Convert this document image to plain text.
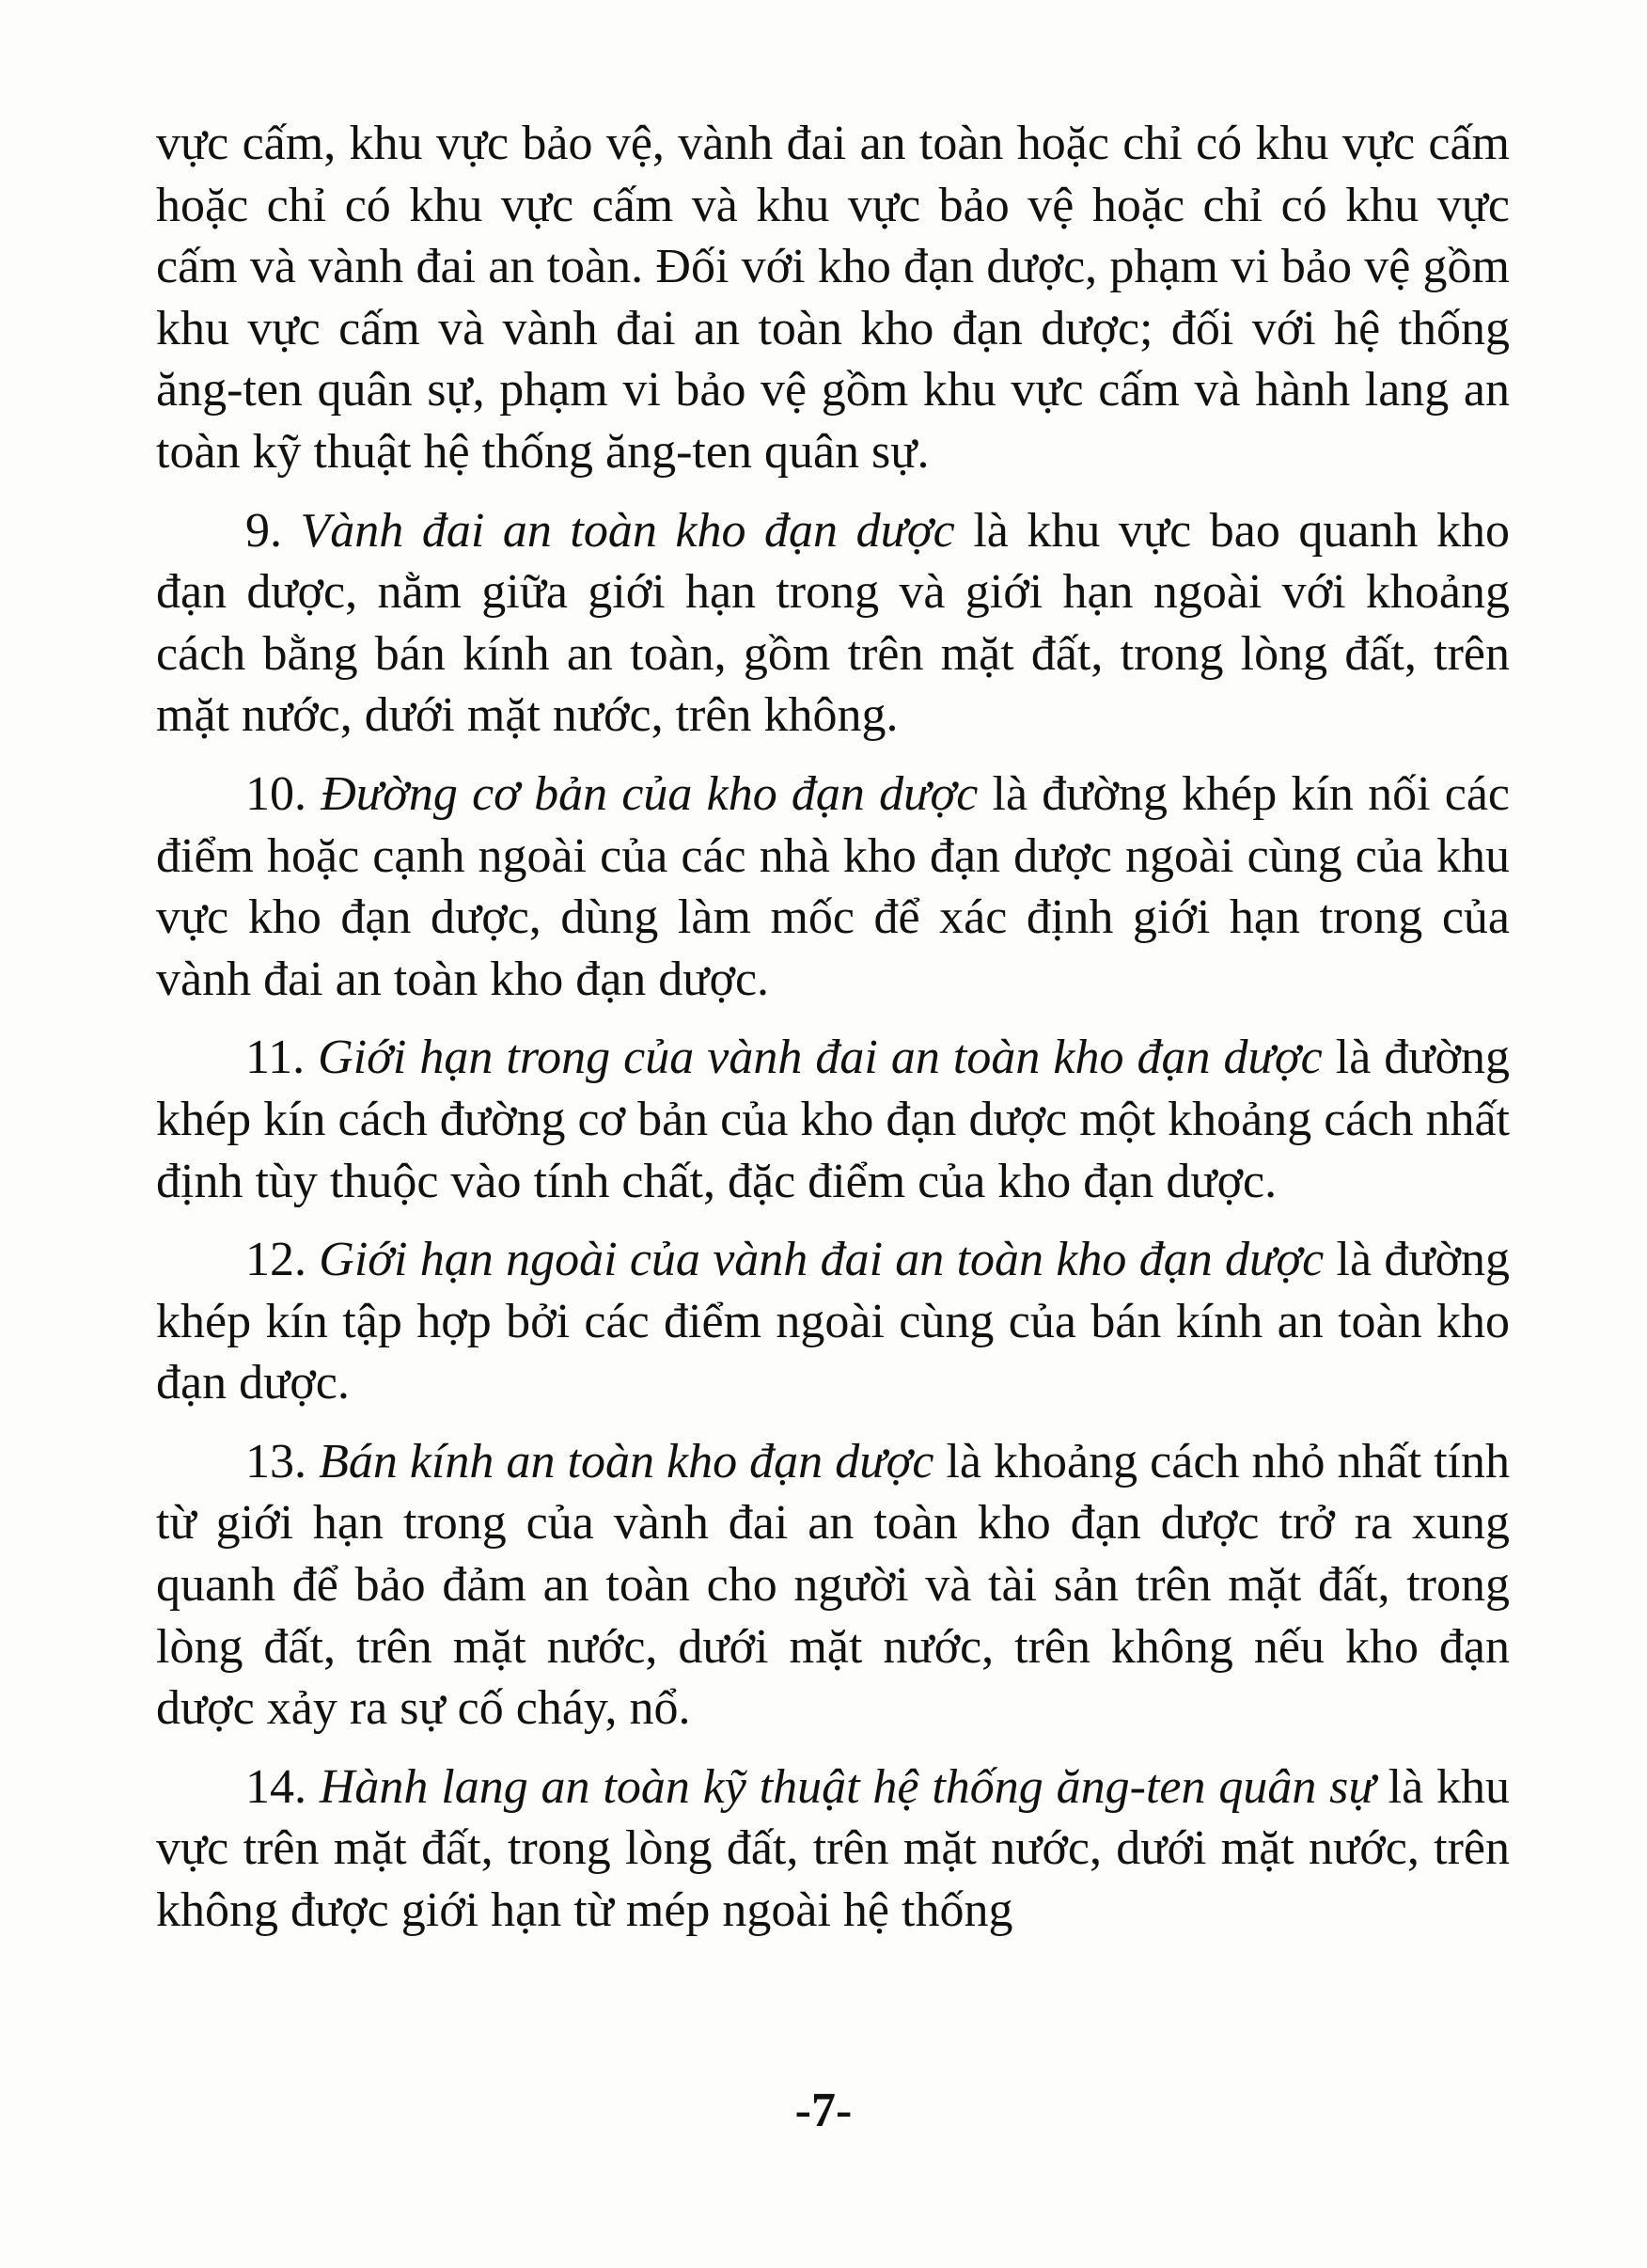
vực cấm, khu vực bảo vệ, vành đai an toàn hoặc chỉ có khu vực cấm hoặc chỉ có khu vực cấm và khu vực bảo vệ hoặc chỉ có khu vực cấm và vành đai an toàn. Đối với kho đạn dược, phạm vi bảo vệ gồm khu vực cấm và vành đai an toàn kho đạn dược; đối với hệ thống ăng-ten quân sự, phạm vi bảo vệ gồm khu vực cấm và hành lang an toàn kỹ thuật hệ thống ăng-ten quân sự.

9. Vành đai an toàn kho đạn dược là khu vực bao quanh kho đạn dược, nằm giữa giới hạn trong và giới hạn ngoài với khoảng cách bằng bán kính an toàn, gồm trên mặt đất, trong lòng đất, trên mặt nước, dưới mặt nước, trên không.

10. Đường cơ bản của kho đạn dược là đường khép kín nối các điểm hoặc cạnh ngoài của các nhà kho đạn dược ngoài cùng của khu vực kho đạn dược, dùng làm mốc để xác định giới hạn trong của vành đai an toàn kho đạn dược.

11. Giới hạn trong của vành đai an toàn kho đạn dược là đường khép kín cách đường cơ bản của kho đạn dược một khoảng cách nhất định tùy thuộc vào tính chất, đặc điểm của kho đạn dược.

12. Giới hạn ngoài của vành đai an toàn kho đạn dược là đường khép kín tập hợp bởi các điểm ngoài cùng của bán kính an toàn kho đạn dược.

13. Bán kính an toàn kho đạn dược là khoảng cách nhỏ nhất tính từ giới hạn trong của vành đai an toàn kho đạn dược trở ra xung quanh để bảo đảm an toàn cho người và tài sản trên mặt đất, trong lòng đất, trên mặt nước, dưới mặt nước, trên không nếu kho đạn dược xảy ra sự cố cháy, nổ.

14. Hành lang an toàn kỹ thuật hệ thống ăng-ten quân sự là khu vực trên mặt đất, trong lòng đất, trên mặt nước, dưới mặt nước, trên không được giới hạn từ mép ngoài hệ thống

-7-
